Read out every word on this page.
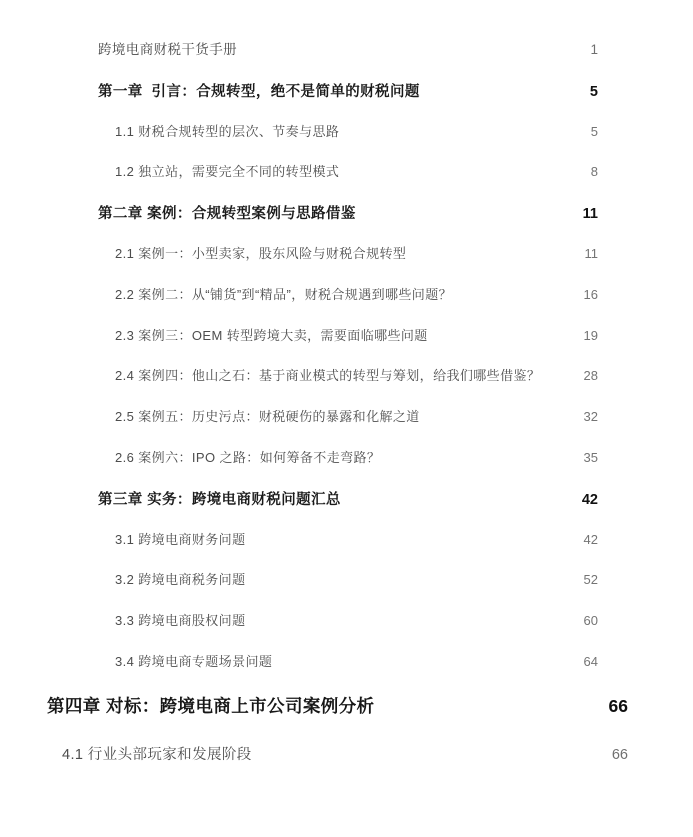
跨境电商财税干货手册	1
第一章  引言：合规转型，绝不是简单的财税问题	5
1.1 财税合规转型的层次、节奏与思路	5
1.2 独立站，需要完全不同的转型模式	8
第二章 案例：合规转型案例与思路借鉴	11
2.1 案例一：小型卖家，股东风险与财税合规转型	11
2.2 案例二：从“铺货”到“精品”，财税合规遇到哪些问题？	16
2.3 案例三：OEM 转型跨境大卖，需要面临哪些问题	19
2.4 案例四：他山之石：基于商业模式的转型与筹划，给我们哪些借鉴？	28
2.5 案例五：历史污点：财税硬伤的暴露和化解之道	32
2.6 案例六：IPO 之路：如何筹备不走弯路？	35
第三章 实务：跨境电商财税问题汇总	42
3.1 跨境电商财务问题	42
3.2 跨境电商税务问题	52
3.3 跨境电商股权问题	60
3.4 跨境电商专题场景问题	64
第四章 对标：跨境电商上市公司案例分析	66
4.1 行业头部玩家和发展阶段	66
